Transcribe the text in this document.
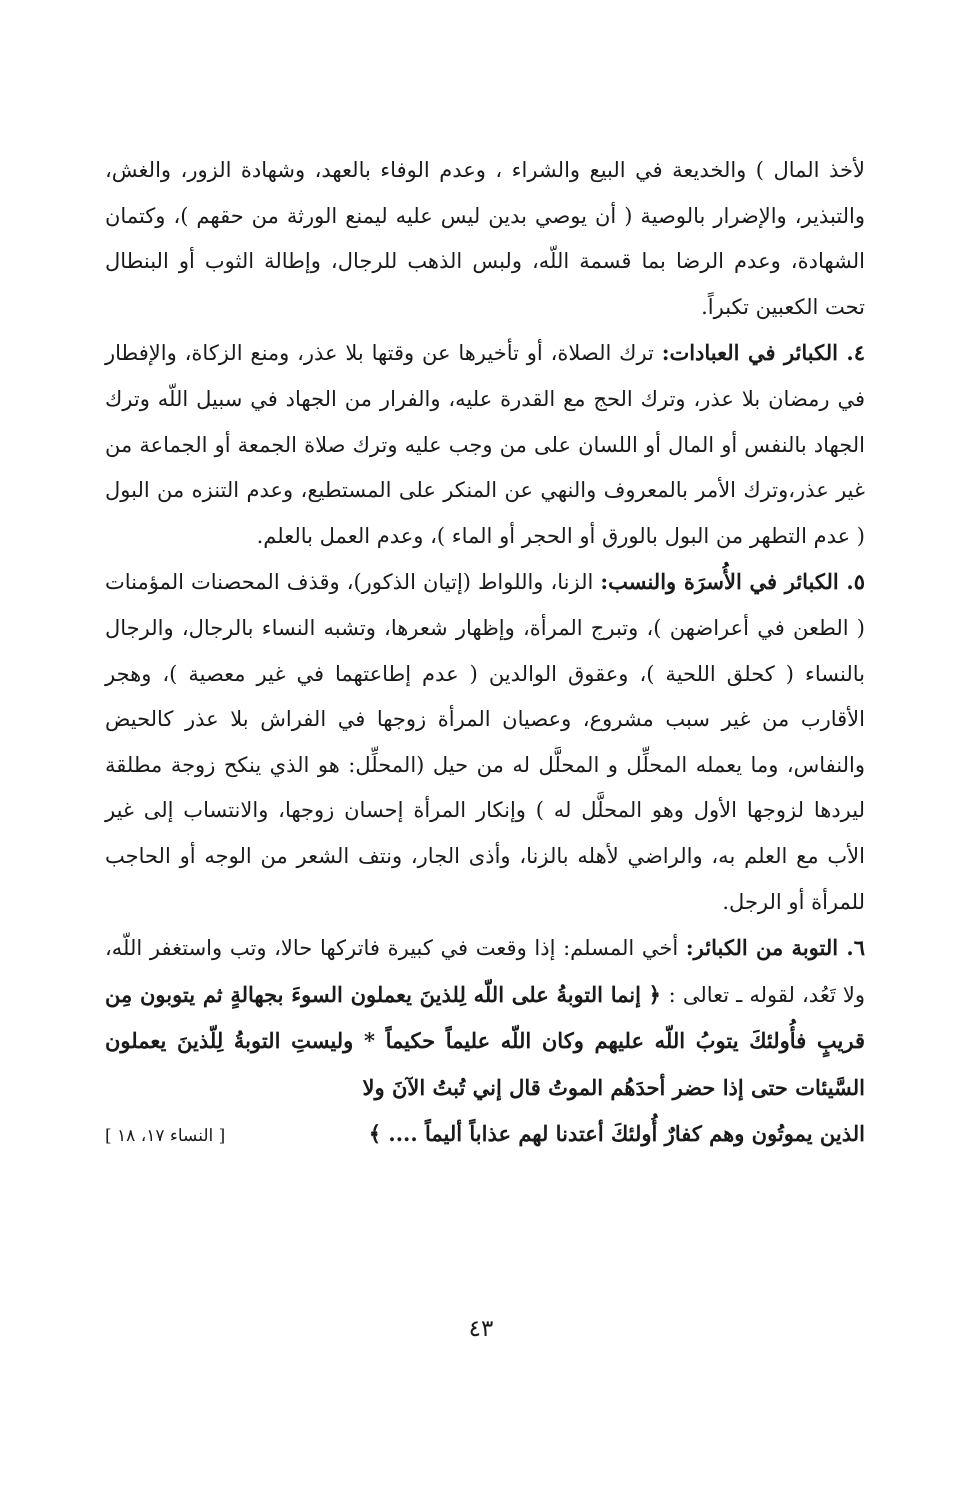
لأخذ المال ) والخديعة في البيع والشراء ، وعدم الوفاء بالعهد، وشهادة الزور، والغش، والتبذير، والإضرار بالوصية ( أن يوصي بدين ليس عليه ليمنع الورثة من حقهم )، وكتمان الشهادة، وعدم الرضا بما قسمة اللّه، ولبس الذهب للرجال، وإطالة الثوب أو البنطال تحت الكعبين تكبراً.

٤. الكبائر في العبادات: ترك الصلاة، أو تأخيرها عن وقتها بلا عذر، ومنع الزكاة، والإفطار في رمضان بلا عذر، وترك الحج مع القدرة عليه، والفرار من الجهاد في سبيل اللّه وترك الجهاد بالنفس أو المال أو اللسان على من وجب عليه وترك صلاة الجمعة أو الجماعة من غير عذر،وترك الأمر بالمعروف والنهي عن المنكر على المستطيع، وعدم التنزه من البول ( عدم التطهر من البول بالورق أو الحجر أو الماء )، وعدم العمل بالعلم.

٥. الكبائر في الأُسرَة والنسب: الزنا، واللواط (إتيان الذكور)، وقذف المحصنات المؤمنات ( الطعن في أعراضهن )، وتبرج المرأة، وإظهار شعرها، وتشبه النساء بالرجال، والرجال بالنساء ( كحلق اللحية )، وعقوق الوالدين ( عدم إطاعتهما في غير معصية )، وهجر الأقارب من غير سبب مشروع، وعصيان المرأة زوجها في الفراش بلا عذر كالحيض والنفاس، وما يعمله المحلِّل و المحلَّل له من حيل (المحلِّل: هو الذي ينكح زوجة مطلقة ليردها لزوجها الأول وهو المحلَّل له ) وإنكار المرأة إحسان زوجها، والانتساب إلى غير الأب مع العلم به، والراضي لأهله بالزنا، وأذى الجار، ونتف الشعر من الوجه أو الحاجب للمرأة أو الرجل.

٦. التوبة من الكبائر: أخي المسلم: إذا وقعت في كبيرة فاتركها حالا، وتب واستغفر اللّه، ولا تَعُد، لقوله ـ تعالى : ﴿ إنما التوبةُ على اللّه لِلذينَ يعملون السوءَ بجهالةٍ ثم يتوبون مِن قريبٍ فأُولئكَ يتوبُ اللّه عليهم وكان اللّه عليماً حكيماً * وليستِ التوبةُ لِلّذينَ يعملون السَّيئات حتى إذا حضر أحدَهُم الموتُ قال إني تُبتُ الآنَ ولا

الذين يموتُون وهم كفارٌ أُولئكَ أعتدنا لهم عذاباً أليماً .... ﴾
[ النساء ١٧، ١٨ ]
٤٣
